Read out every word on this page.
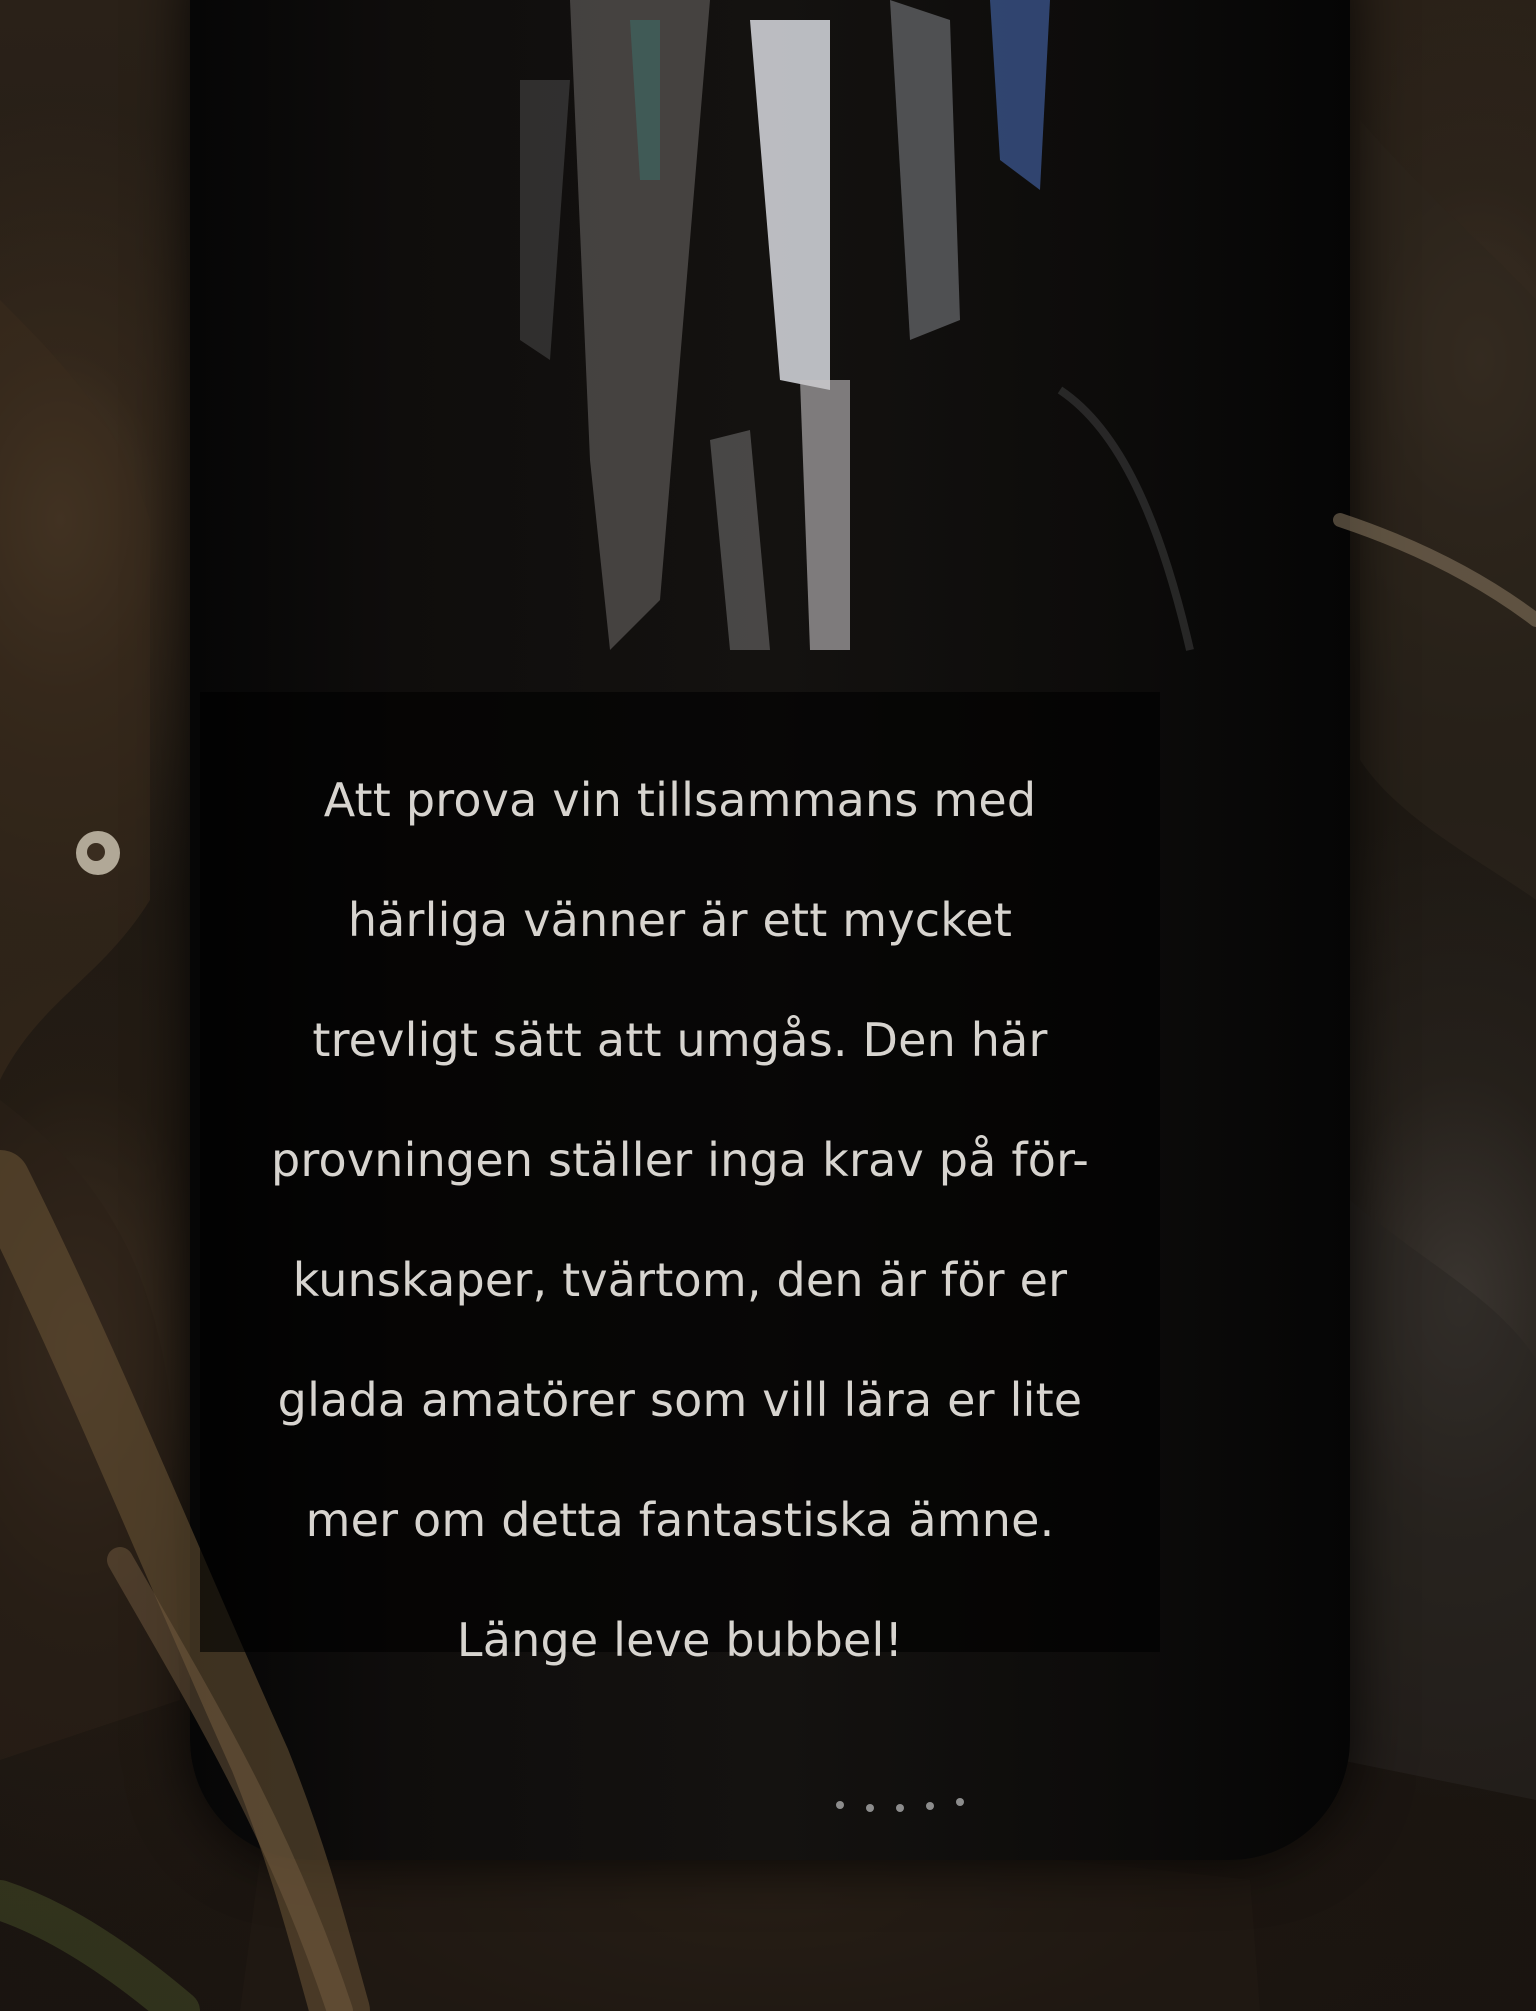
Att prova vin tillsammans med
härliga vänner är ett mycket
trevligt sätt att umgås. Den här
provningen ställer inga krav på för-
kunskaper, tvärtom, den är för er
glada amatörer som vill lära er lite
mer om detta fantastiska ämne.
Länge leve bubbel!
